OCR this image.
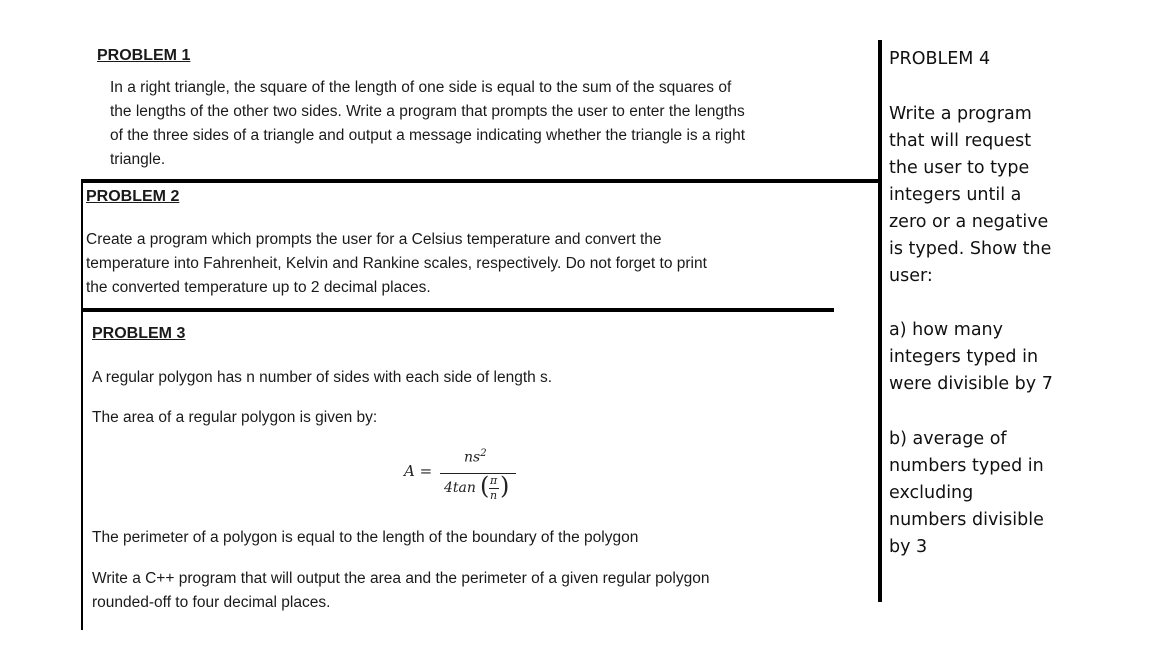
PROBLEM 1
In a right triangle, the square of the length of one side is equal to the sum of the squares of
the lengths of the other two sides. Write a program that prompts the user to enter the lengths
of the three sides of a triangle and output a message indicating whether the triangle is a right
triangle.
PROBLEM 2
Create a program which prompts the user for a Celsius temperature and convert the
temperature into Fahrenheit, Kelvin and Rankine scales, respectively. Do not forget to print
the converted temperature up to 2 decimal places.
PROBLEM 3
A regular polygon has n number of sides with each side of length s.
The area of a regular polygon is given by:
A =
$ns^2$
4tan ( π
n )
The perimeter of a polygon is equal to the length of the boundary of the polygon
Write a C++ program that will output the area and the perimeter of a given regular polygon
rounded-off to four decimal places.
PROBLEM 4
Write a program
that will request
the user to type
integers until a
zero or a negative
is typed. Show the
user:
a) how many
integers typed in
were divisible by 7
b) average of
numbers typed in
excluding
numbers divisible
by 3
